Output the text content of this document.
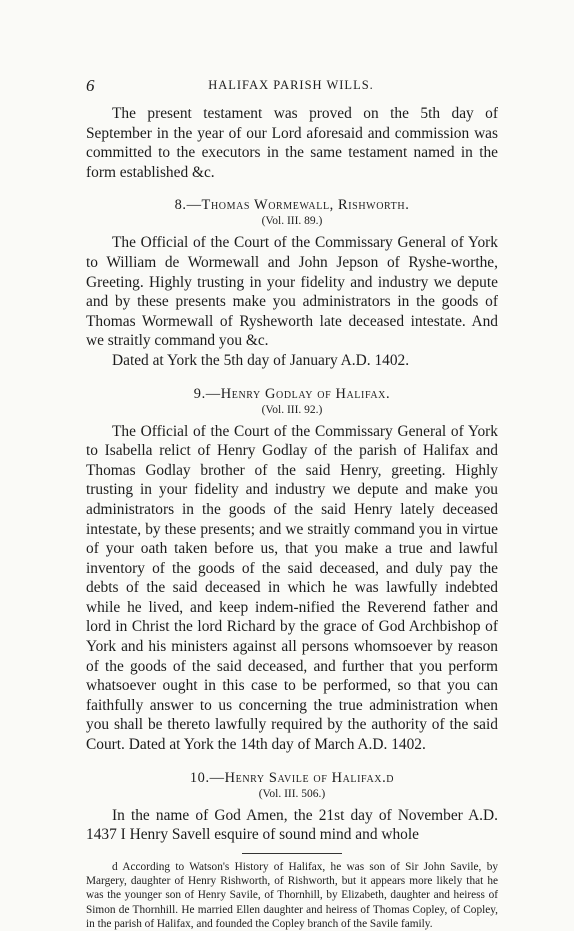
6	HALIFAX PARISH WILLS.

The present testament was proved on the 5th day of September in the year of our Lord aforesaid and commission was committed to the executors in the same testament named in the form established &c.

8.—Thomas Wormewall, Rishworth.
(Vol. III. 89.)

The Official of the Court of the Commissary General of York to William de Wormewall and John Jepson of Ryshe-worthe, Greeting. Highly trusting in your fidelity and industry we depute and by these presents make you administrators in the goods of Thomas Wormewall of Rysheworth late deceased intestate. And we straitly command you &c.

Dated at York the 5th day of January A.D. 1402.

9.—Henry Godlay of Halifax.
(Vol. III. 92.)

The Official of the Court of the Commissary General of York to Isabella relict of Henry Godlay of the parish of Halifax and Thomas Godlay brother of the said Henry, greeting. Highly trusting in your fidelity and industry we depute and make you administrators in the goods of the said Henry lately deceased intestate, by these presents; and we straitly command you in virtue of your oath taken before us, that you make a true and lawful inventory of the goods of the said deceased, and duly pay the debts of the said deceased in which he was lawfully indebted while he lived, and keep indem-nified the Reverend father and lord in Christ the lord Richard by the grace of God Archbishop of York and his ministers against all persons whomsoever by reason of the goods of the said deceased, and further that you perform whatsoever ought in this case to be performed, so that you can faithfully answer to us concerning the true administration when you shall be thereto lawfully required by the authority of the said Court. Dated at York the 14th day of March A.D. 1402.

10.—Henry Savile of Halifax.d
(Vol. III. 506.)

In the name of God Amen, the 21st day of November A.D. 1437 I Henry Savell esquire of sound mind and whole

d According to Watson's History of Halifax, he was son of Sir John Savile, by Margery, daughter of Henry Rishworth, of Rishworth, but it appears more likely that he was the younger son of Henry Savile, of Thornhill, by Elizabeth, daughter and heiress of Simon de Thornhill. He married Ellen daughter and heiress of Thomas Copley, of Copley, in the parish of Halifax, and founded the Copley branch of the Savile family.
